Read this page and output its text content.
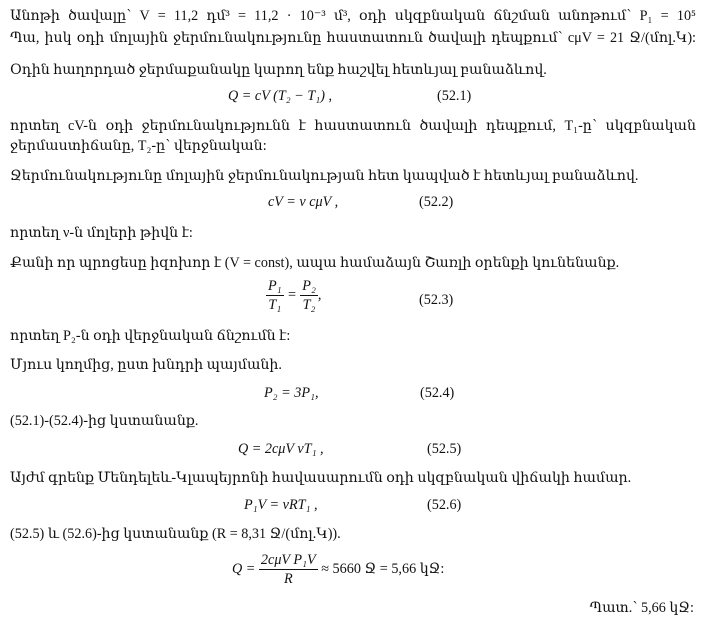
Անոթի ծավալը՝ V = 11,2 դմ³ = 11,2 · 10⁻³ մ³, օդի սկզբնական ճնշման անոթում՝ P₁ = 10⁵
Պա, իսկ օդի մոլային ջերմունակությունը հաստատուն ծավալի դեպքում՝ cμV = 21 Ջ/(մոլ.Կ):
Օդին հաղորդած ջերմաքանակը կարող ենք հաշվել հետևյալ բանաձևով.
Q = cV (T₂ − T₁) ,	(52.1)
որտեղ cV-ն օդի ջերմունակությունն է հաստատուն ծավալի դեպքում, T₁-ը՝ սկզբնական
ջերմաստիճանը, T₂-ը՝ վերջնական:
Ջերմունակությունը մոլային ջերմունակության հետ կապված է հետևյալ բանաձևով.
cV = ν cμV ,	(52.2)
որտեղ ν-ն մոլերի թիվն է:
Քանի որ պրոցեսը իզոխոր է (V = const), ապա համաձայն Շառլի օրենքի կունենանք.
$\frac{\text{P₁}}{\text{T₁}} = \frac{\text{P₂}}{\text{T₂}}$ ,	(52.3)
որտեղ P₂-ն օդի վերջնական ճնշումն է:
Մյուս կողմից, ըստ խնդրի պայմանի.
P₂ = 3P₁,	(52.4)
(52.1)-(52.4)-ից կստանանք.
Q = 2cμV νT₁ ,	(52.5)
Այժմ գրենք Մենդելեև-Կլապեյրոնի հավասարումն օդի սկզբնական վիճակի համար.
P₁V = νRT₁ ,	(52.6)
(52.5) և (52.6)-ից կստանանք (R = 8,31 Ջ/(մոլ.Կ)).
$Q = \frac{\text{2cμV P₁V}}{R} \approx 5660$ Ջ = 5,66 կՋ:
Պատ.՝ 5,66 կՋ:
